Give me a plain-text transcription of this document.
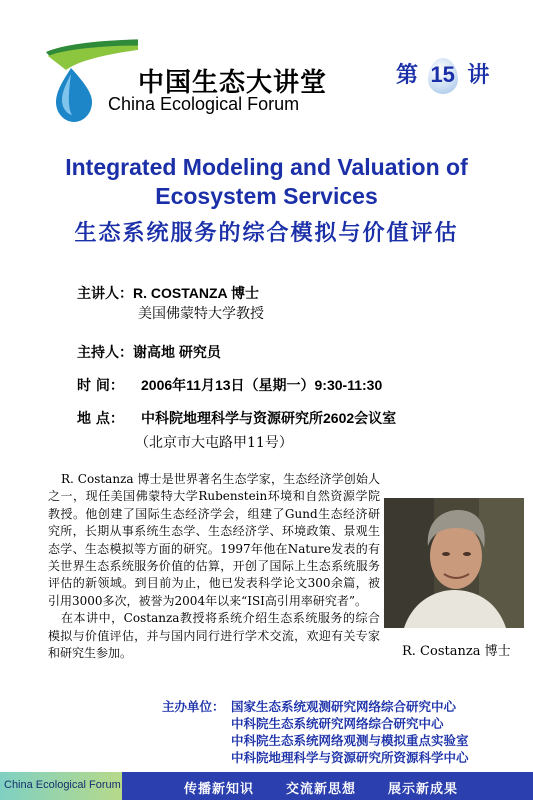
中国生态大讲堂
China Ecological Forum
第 15 讲
Integrated Modeling and Valuation of
Ecosystem Services
生态系统服务的综合模拟与价值评估
主讲人：R. COSTANZA 博士
美国佛蒙特大学教授
主持人：谢高地 研究员
时 间： 2006年11月13日（星期一）9:30-11:30
地 点： 中科院地理科学与资源研究所2602会议室
（北京市大屯路甲11号）

R. Costanza 博士是世界著名生态学家，生态经济学创始人之一，现任美国佛蒙特大学Rubenstein环境和自然资源学院教授。他创建了国际生态经济学会，组建了Gund生态经济研究所，长期从事系统生态学、生态经济学、环境政策、景观生态学、生态模拟等方面的研究。1997年他在Nature发表的有关世界生态系统服务价值的估算，开创了国际上生态系统服务评估的新领域。到目前为止，他已发表科学论文300余篇，被引用3000多次，被誉为2004年以来“ISI高引用率研究者”。

在本讲中，Costanza教授将系统介绍生态系统服务的综合模拟与价值评估，并与国内同行进行学术交流，欢迎有关专家和研究生参加。	R. Costanza 博士
主办单位： 国家生态系统观测研究网络综合研究中心
中科院生态系统研究网络综合研究中心
中科院生态系统网络观测与模拟重点实验室
中科院地理科学与资源研究所资源科学中心
China Ecological Forum	传播新知识 交流新思想 展示新成果
